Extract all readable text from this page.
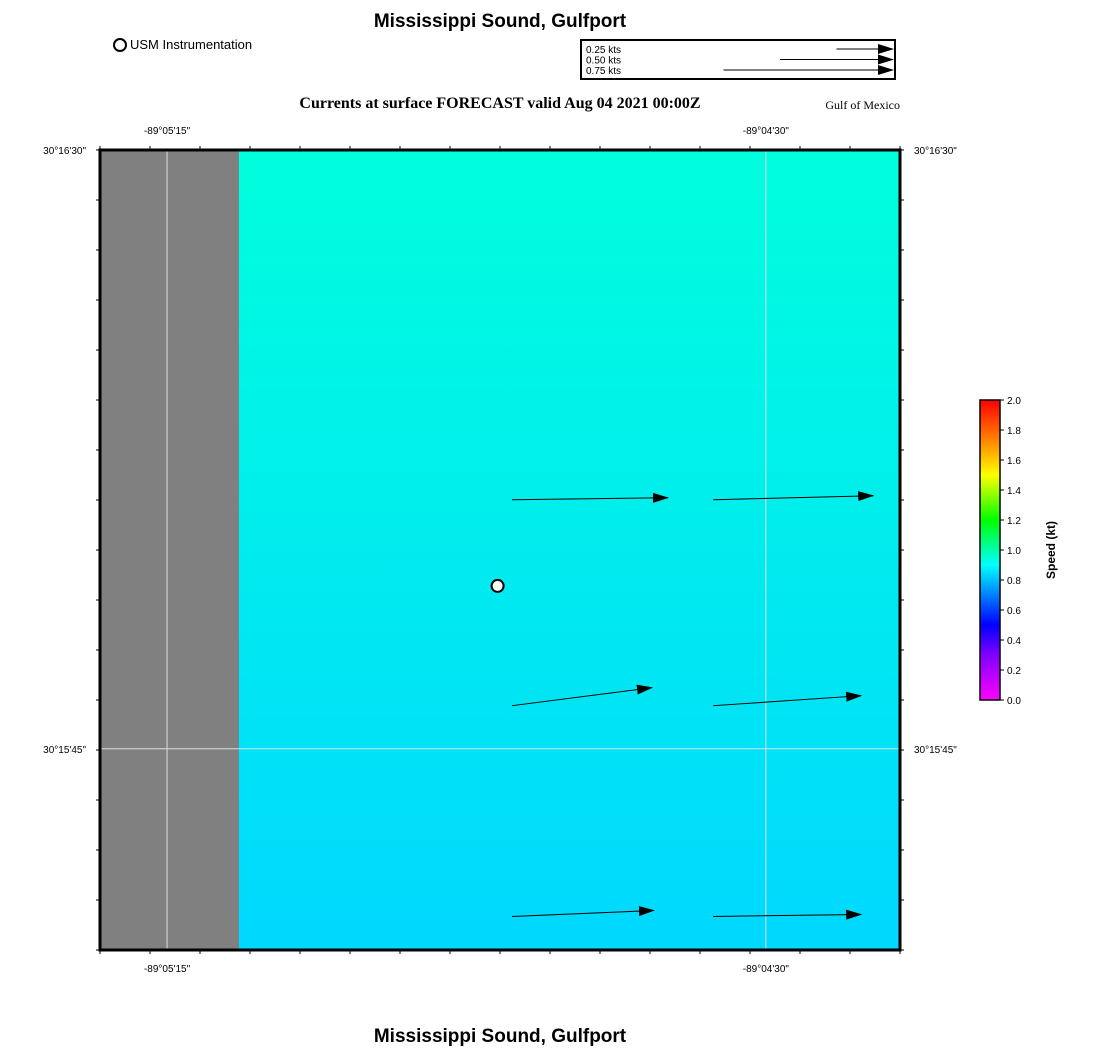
Mississippi Sound, Gulfport
USM Instrumentation
Currents at surface FORECAST valid Aug 04 2021 00:00Z	Gulf of Mexico
-89°05'15"
-89°05'15"
-89°04'30"
-89°04'30"
30°16'30"	30°16'30"
30°15'45"	30°15'45"
0.25 kts
0.50 kts
0.75 kts
0.0
0.2
0.4
0.6
0.8
1.0
1.2
1.4
1.6
1.8
2.0
Speed (kt)
Mississippi Sound, Gulfport
